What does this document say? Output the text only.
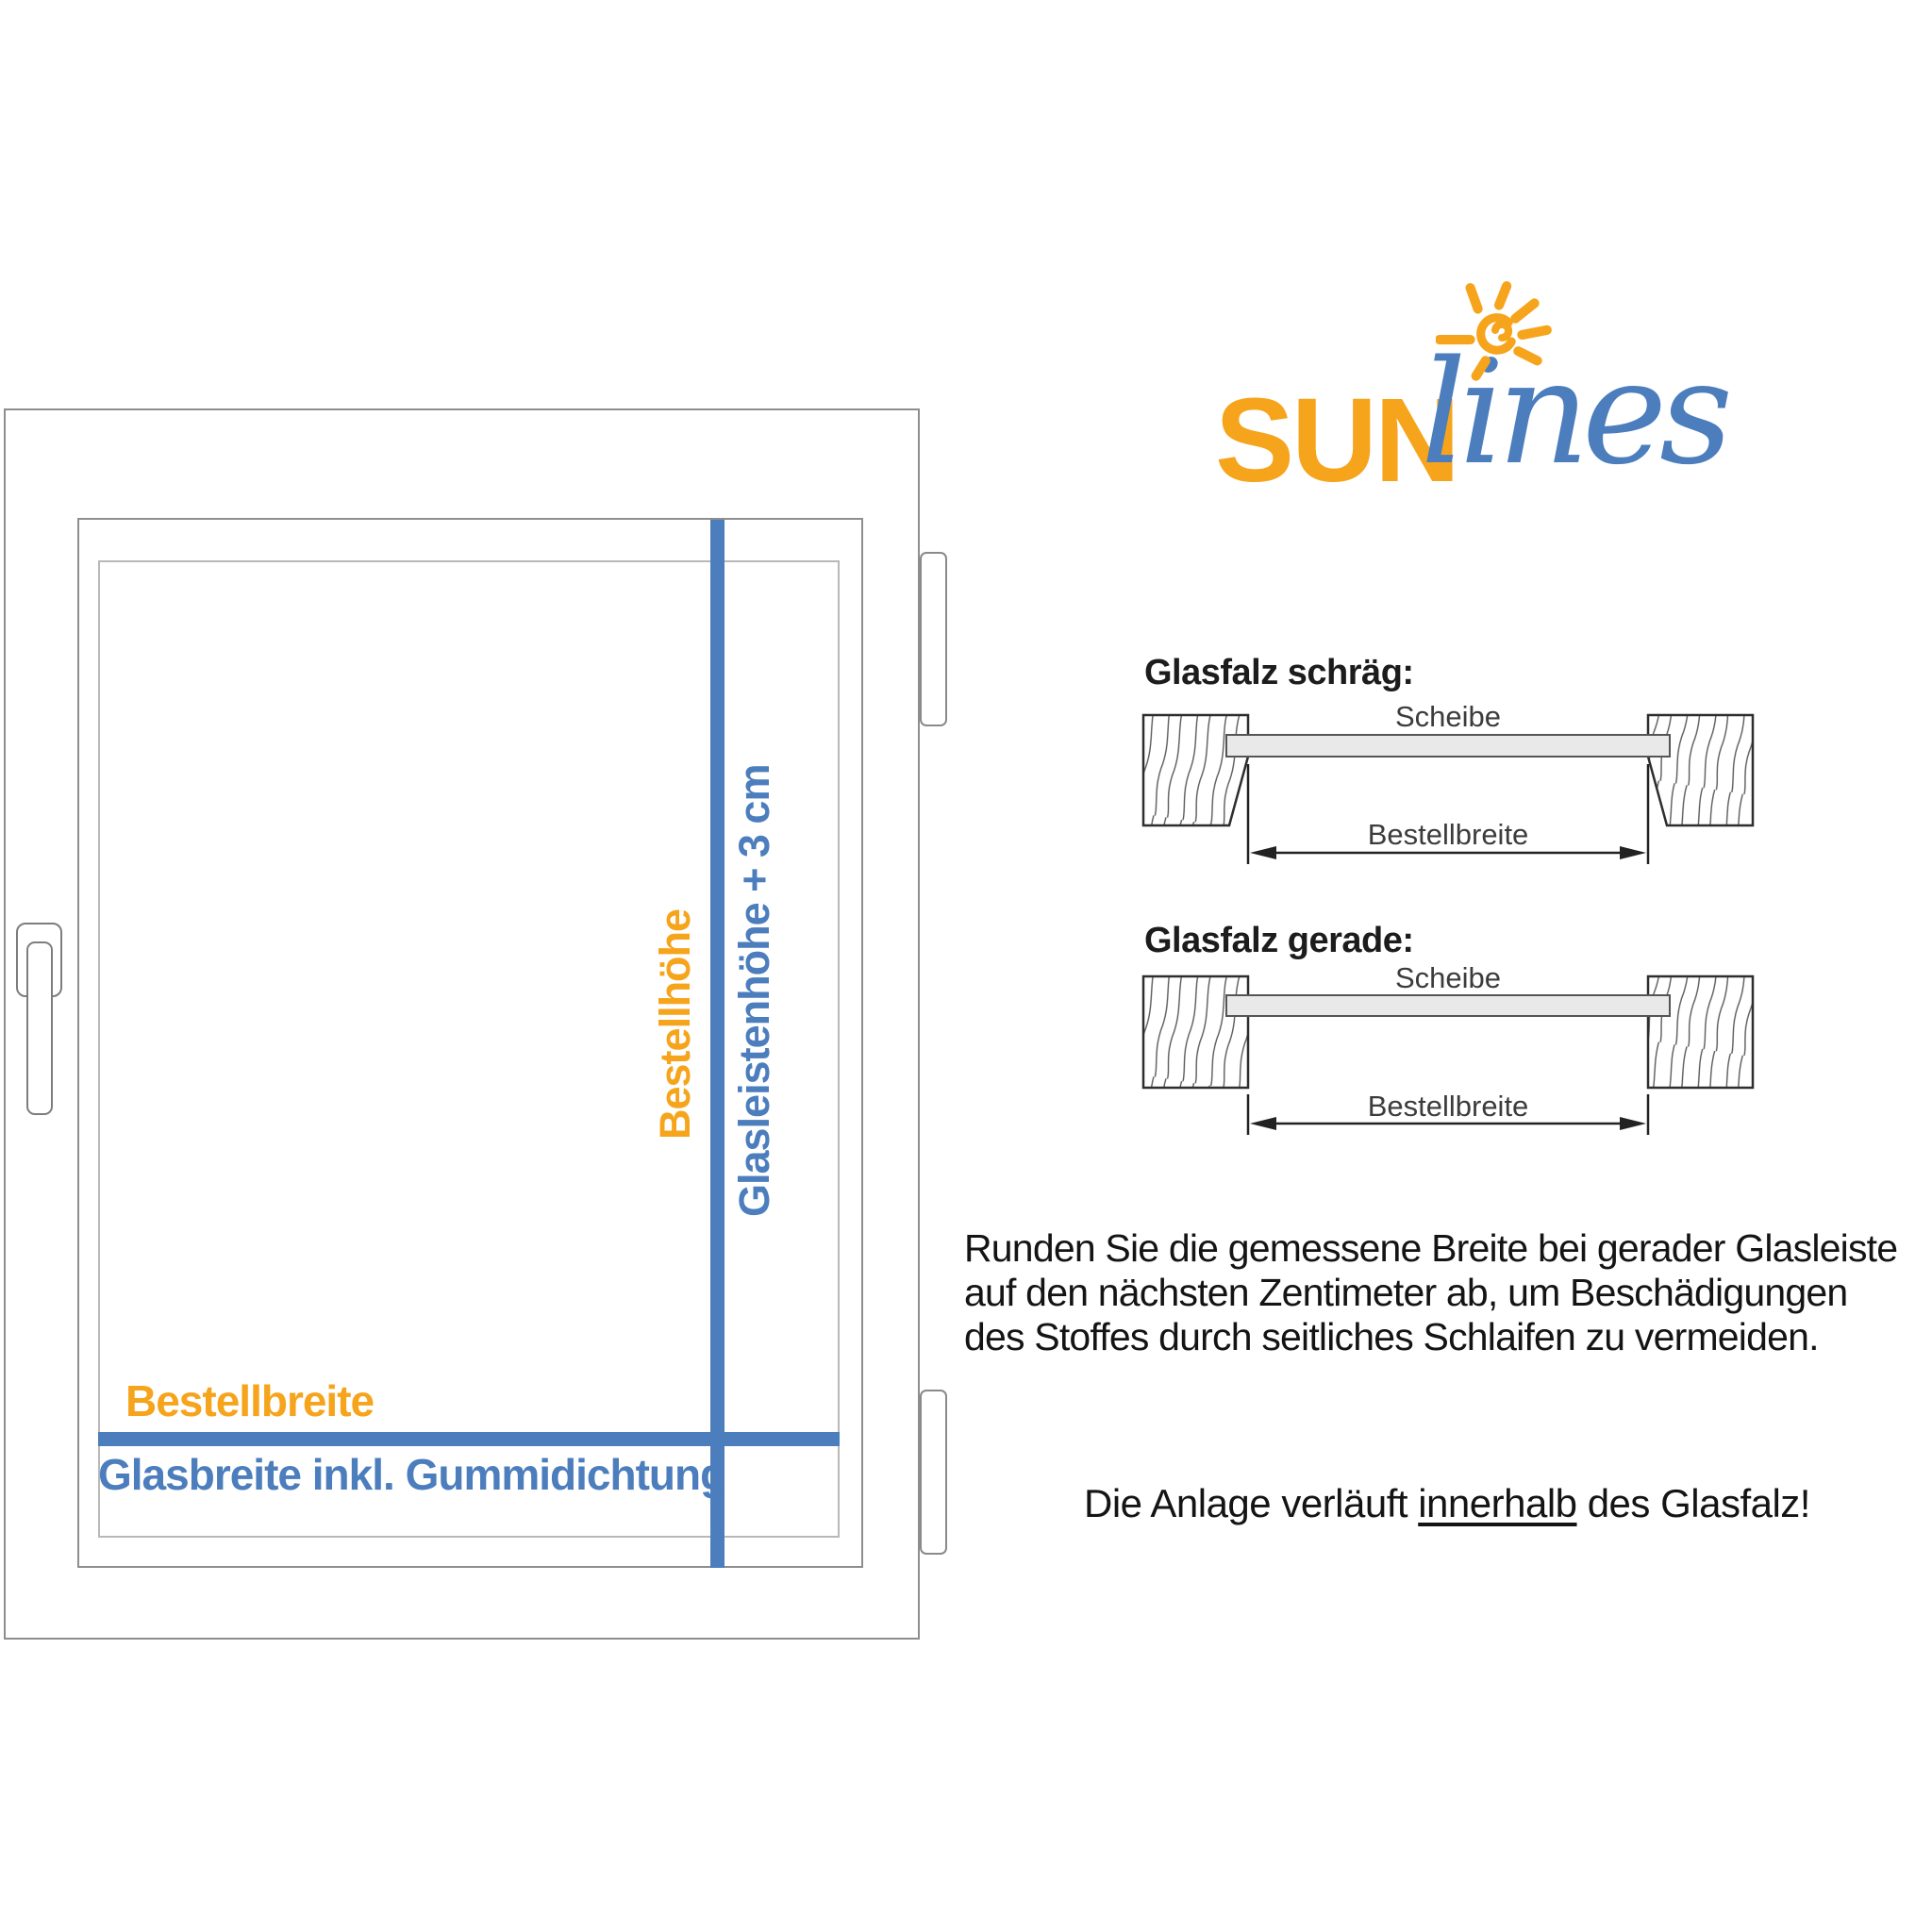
Bestellhöhe Glasleistenhöhe + 3 cm
Bestellbreite
Glasbreite inkl. Gummidichtung
SUN
lines
Glasfalz schräg:
Scheibe
Bestellbreite
Glasfalz gerade:
Scheibe
Bestellbreite
Runden Sie die gemessene Breite bei gerader Glasleiste
auf den nächsten Zentimeter ab, um Beschädigungen
des Stoffes durch seitliches Schlaifen zu vermeiden.
Die Anlage verläuft innerhalb des Glasfalz!
